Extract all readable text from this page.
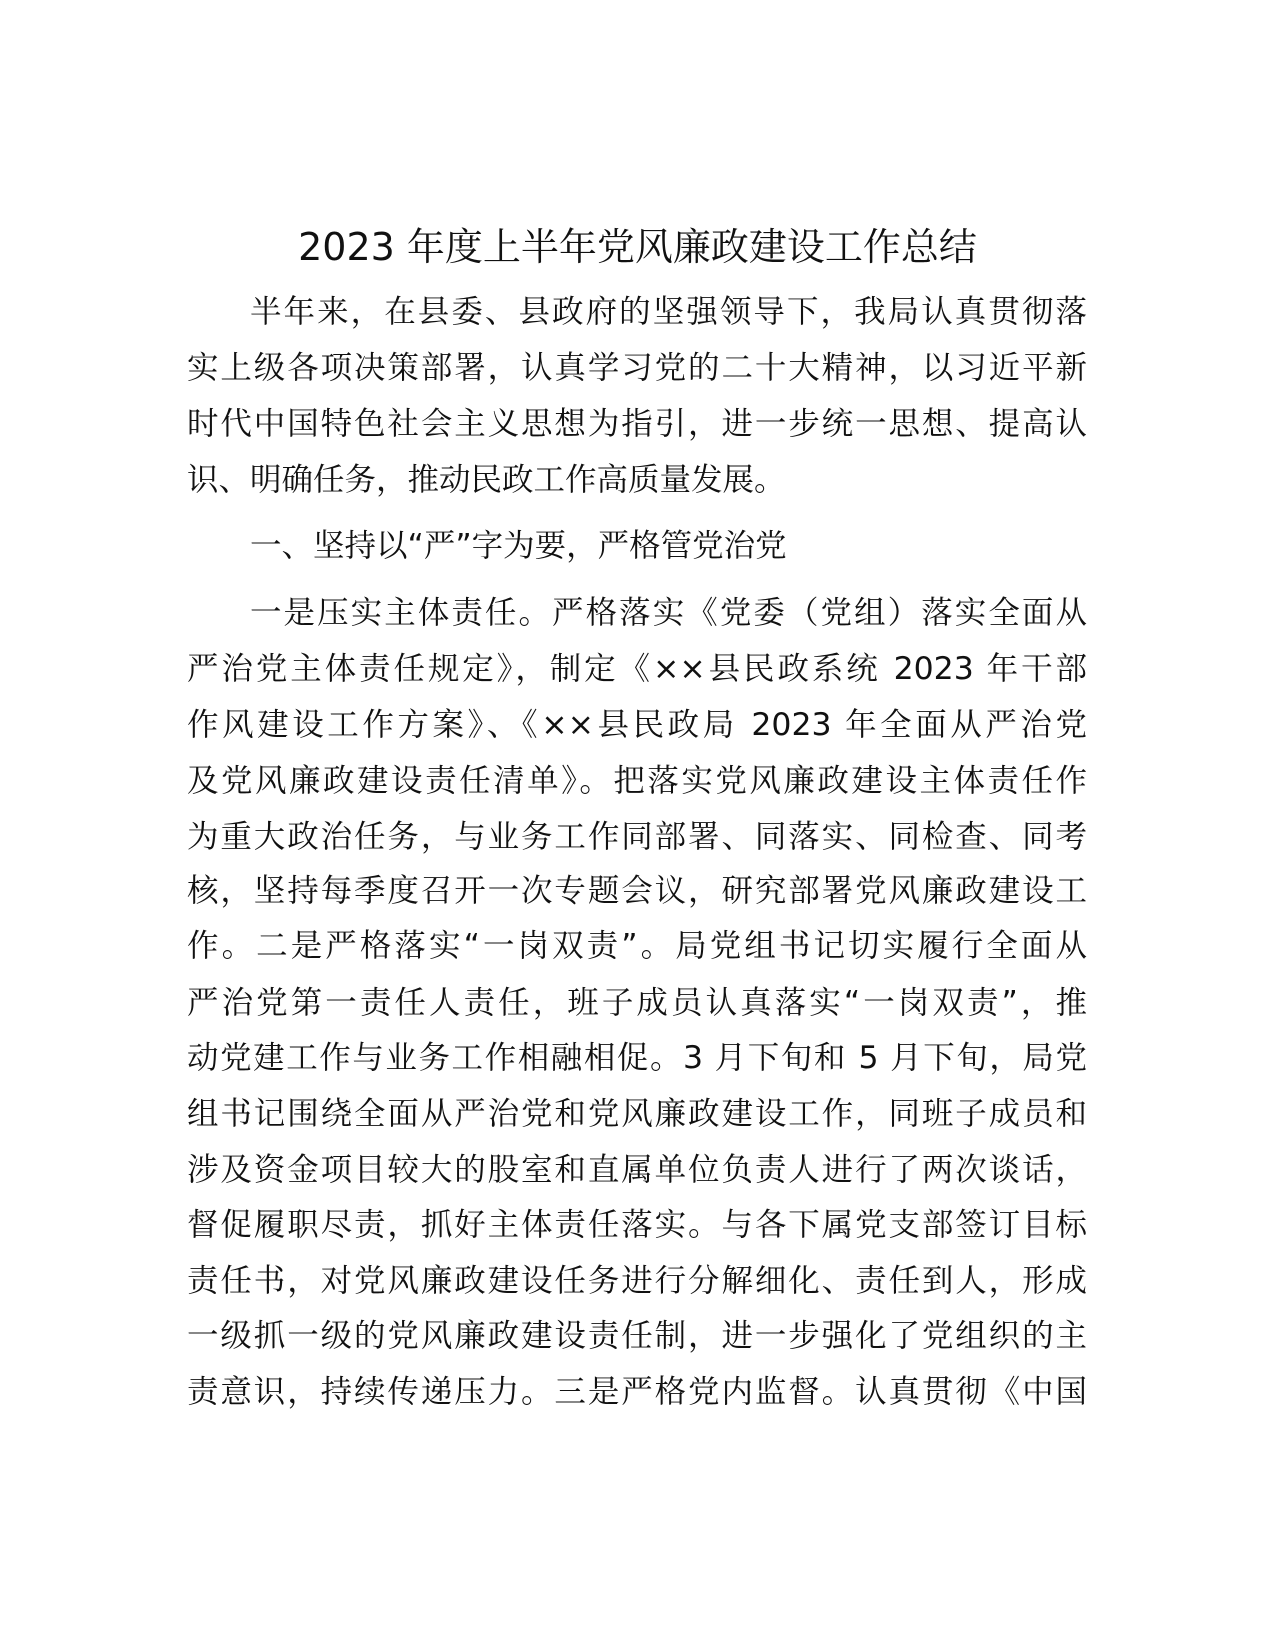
2023 年度上半年党风廉政建设工作总结
半年来，在县委、县政府的坚强领导下，我局认真贯彻落
实上级各项决策部署，认真学习党的二十大精神，以习近平新
时代中国特色社会主义思想为指引，进一步统一思想、提高认
识、明确任务，推动民政工作高质量发展。
一、坚持以“严”字为要，严格管党治党
一是压实主体责任。严格落实《党委（党组）落实全面从
严治党主体责任规定》，制定《××县民政系统 2023 年干部
作风建设工作方案》、《××县民政局 2023 年全面从严治党
及党风廉政建设责任清单》。把落实党风廉政建设主体责任作
为重大政治任务，与业务工作同部署、同落实、同检查、同考
核，坚持每季度召开一次专题会议，研究部署党风廉政建设工
作。二是严格落实“一岗双责”。局党组书记切实履行全面从
严治党第一责任人责任，班子成员认真落实“一岗双责”，推
动党建工作与业务工作相融相促。3 月下旬和 5 月下旬，局党
组书记围绕全面从严治党和党风廉政建设工作，同班子成员和
涉及资金项目较大的股室和直属单位负责人进行了两次谈话，
督促履职尽责，抓好主体责任落实。与各下属党支部签订目标
责任书，对党风廉政建设任务进行分解细化、责任到人，形成
一级抓一级的党风廉政建设责任制，进一步强化了党组织的主
责意识，持续传递压力。三是严格党内监督。认真贯彻《中国
